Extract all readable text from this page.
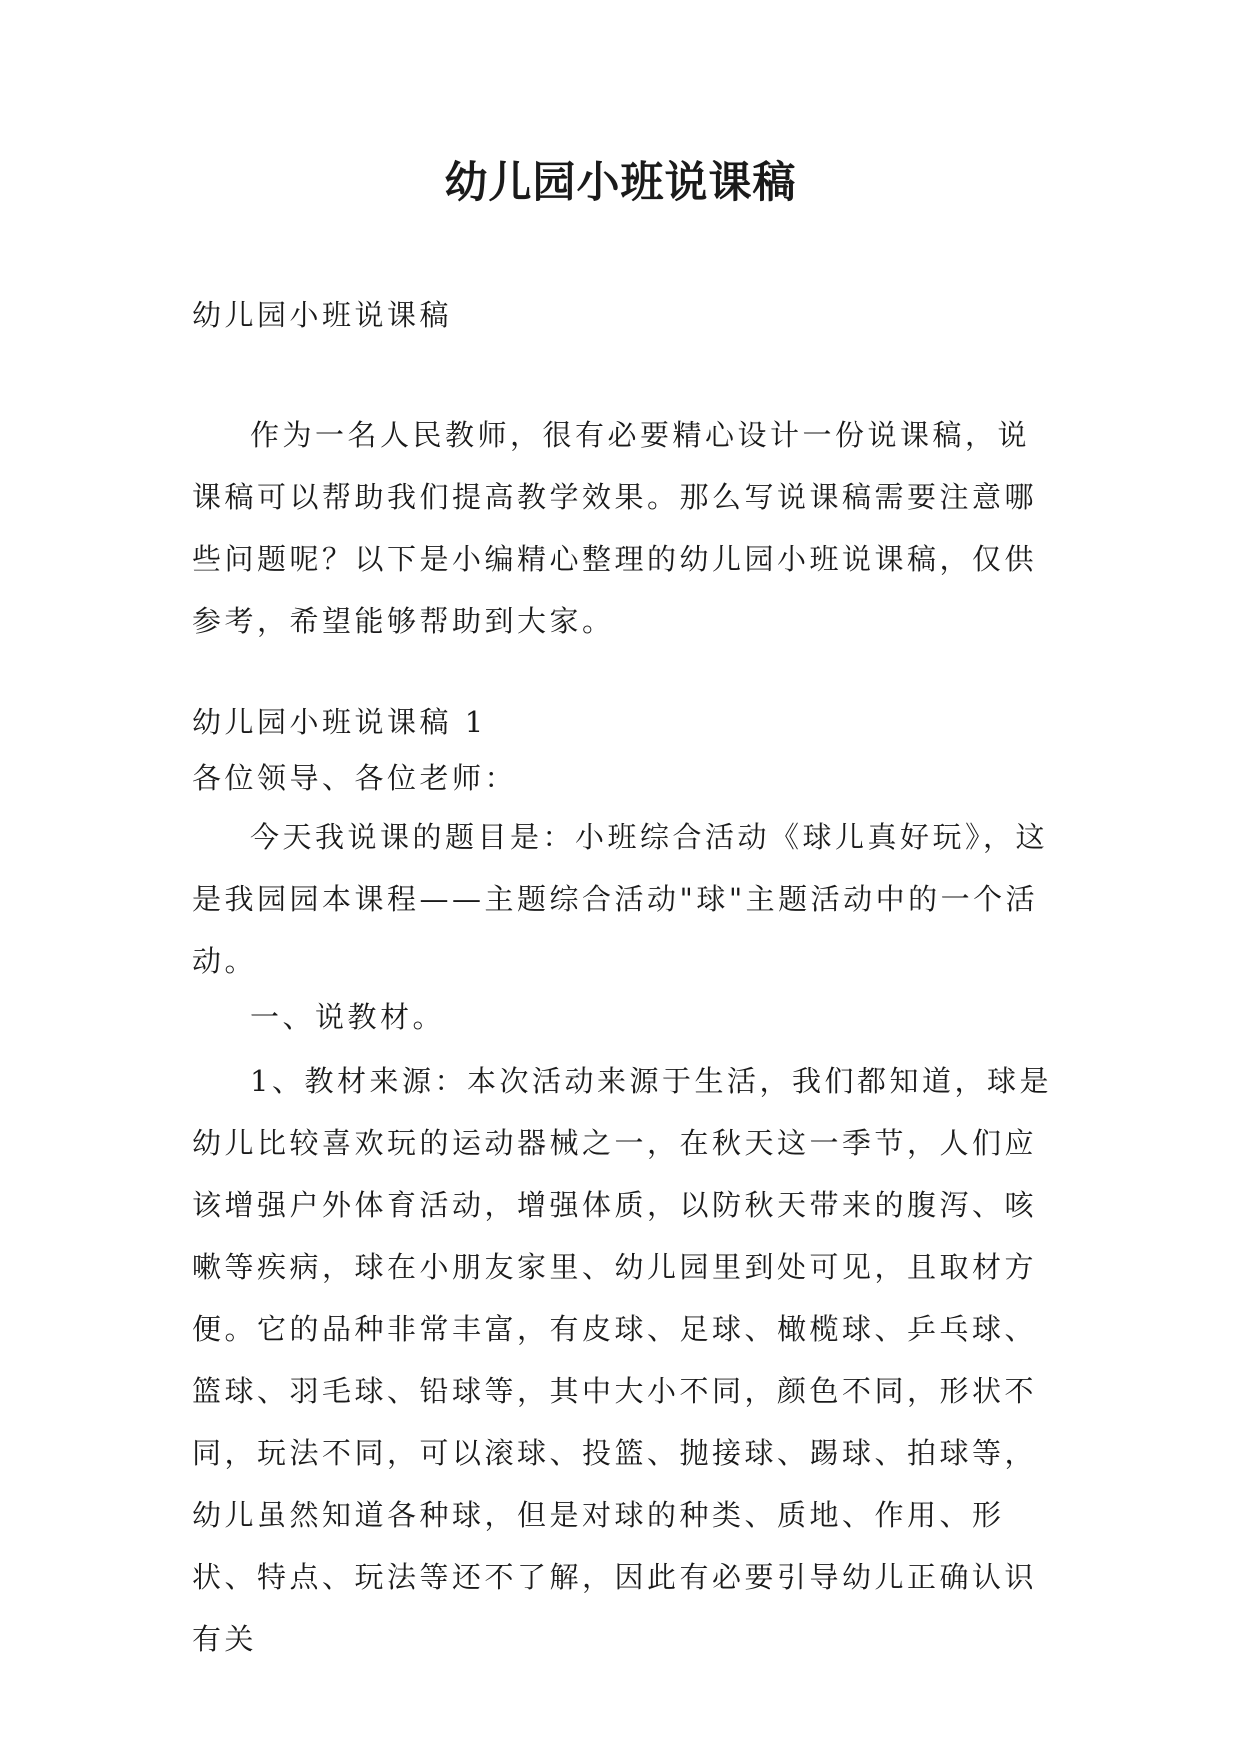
幼儿园小班说课稿

幼儿园小班说课稿

作为一名人民教师，很有必要精心设计一份说课稿，说课稿可以帮助我们提高教学效果。那么写说课稿需要注意哪些问题呢？以下是小编精心整理的幼儿园小班说课稿，仅供参考，希望能够帮助到大家。

幼儿园小班说课稿 1

各位领导、各位老师：

今天我说课的题目是：小班综合活动《球儿真好玩》，这是我园园本课程——主题综合活动"球"主题活动中的一个活动。

一、说教材。

1、教材来源：本次活动来源于生活，我们都知道，球是幼儿比较喜欢玩的运动器械之一，在秋天这一季节，人们应该增强户外体育活动，增强体质，以防秋天带来的腹泻、咳嗽等疾病，球在小朋友家里、幼儿园里到处可见，且取材方便。它的品种非常丰富，有皮球、足球、橄榄球、乒乓球、篮球、羽毛球、铅球等，其中大小不同，颜色不同，形状不同，玩法不同，可以滚球、投篮、抛接球、踢球、拍球等，幼儿虽然知道各种球，但是对球的种类、质地、作用、形状、特点、玩法等还不了解，因此有必要引导幼儿正确认识有关
